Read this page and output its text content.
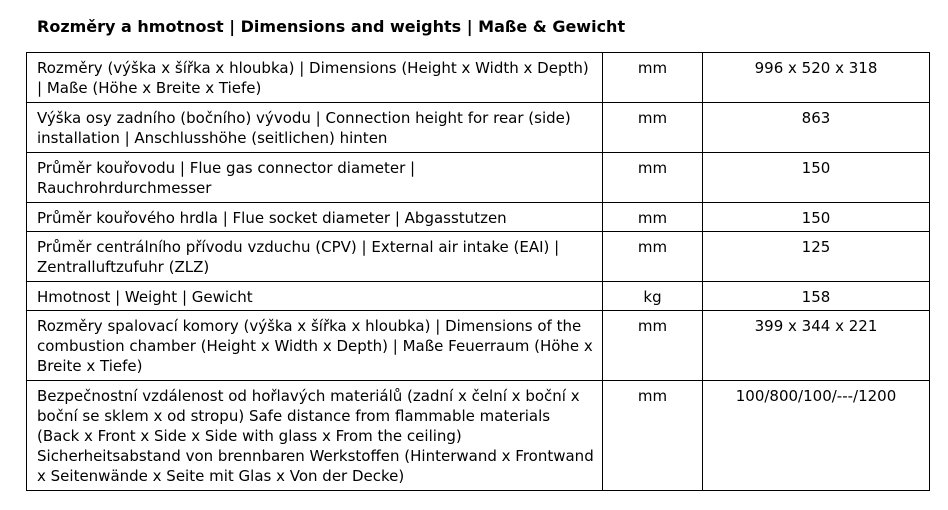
Rozměry a hmotnost | Dimensions and weights | Maße & Gewicht
Rozměry (výška x šířka x hloubka) | Dimensions (Height x Width x Depth) | Maße (Höhe x Breite x Tiefe)	mm	996 x 520 x 318
Výška osy zadního (bočního) vývodu | Connection height for rear (side) installation | Anschlusshöhe (seitlichen) hinten	mm	863
Průměr kouřovodu | Flue gas connector diameter | Rauchrohrdurchmesser	mm	150
Průměr kouřového hrdla | Flue socket diameter | Abgasstutzen	mm	150
Průměr centrálního přívodu vzduchu (CPV) | External air intake (EAI) | Zentralluftzufuhr (ZLZ)	mm	125
Hmotnost | Weight | Gewicht	kg	158
Rozměry spalovací komory (výška x šířka x hloubka) | Dimensions of the combustion chamber (Height x Width x Depth) | Maße Feuerraum (Höhe x Breite x Tiefe)	mm	399 x 344 x 221
Bezpečnostní vzdálenost od hořlavých materiálů (zadní x čelní x boční x boční se sklem x od stropu) Safe distance from flammable materials (Back x Front x Side x Side with glass x From the ceiling) Sicherheitsabstand von brennbaren Werkstoffen (Hinterwand x Frontwand x Seitenwände x Seite mit Glas x Von der Decke)	mm	100/800/100/---/1200
